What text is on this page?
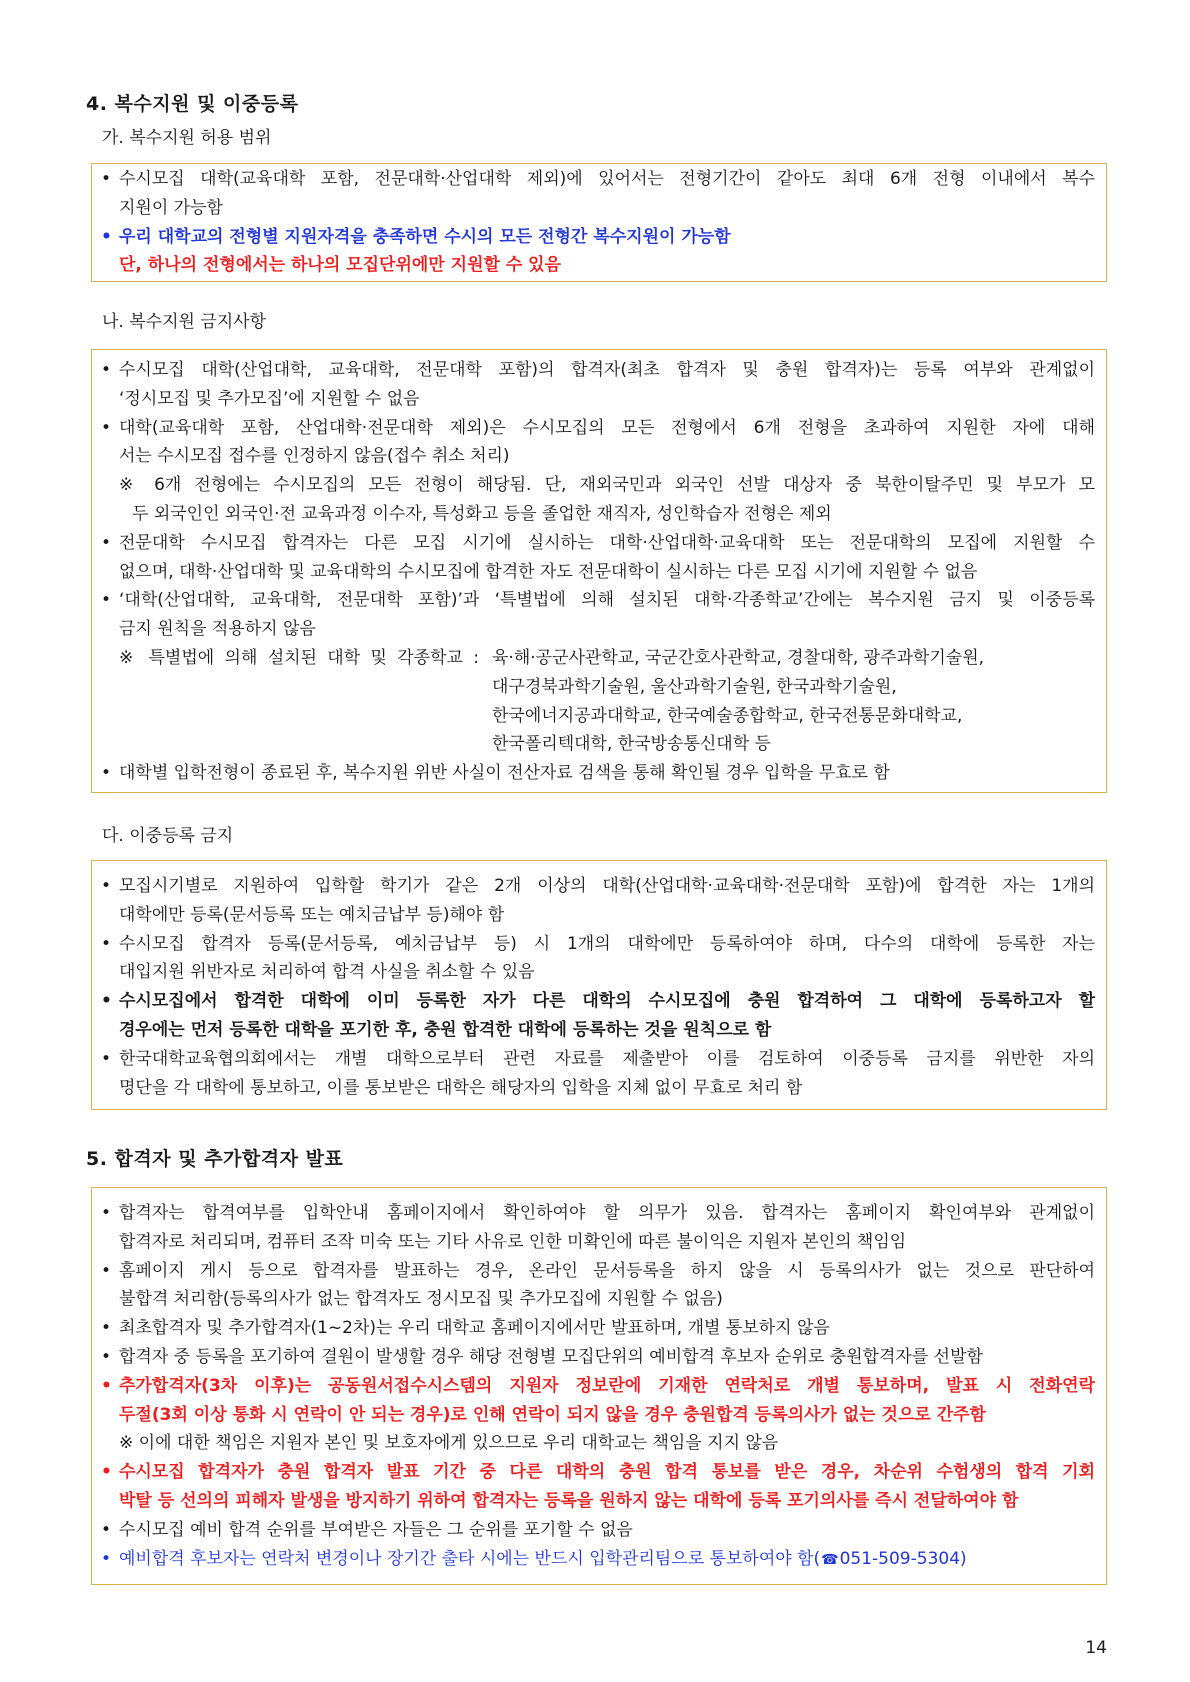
4. 복수지원 및 이중등록
가. 복수지원 허용 범위
• 수시모집 대학(교육대학 포함, 전문대학·산업대학 제외)에 있어서는 전형기간이 같아도 최대 6개 전형 이내에서 복수
지원이 가능함
• 우리 대학교의 전형별 지원자격을 충족하면 수시의 모든 전형간 복수지원이 가능함
단, 하나의 전형에서는 하나의 모집단위에만 지원할 수 있음
나. 복수지원 금지사항
• 수시모집 대학(산업대학, 교육대학, 전문대학 포함)의 합격자(최초 합격자 및 충원 합격자)는 등록 여부와 관계없이
‘정시모집 및 추가모집’에 지원할 수 없음
• 대학(교육대학 포함, 산업대학·전문대학 제외)은 수시모집의 모든 전형에서 6개 전형을 초과하여 지원한 자에 대해
서는 수시모집 접수를 인정하지 않음(접수 취소 처리)
※ 6개 전형에는 수시모집의 모든 전형이 해당됨. 단, 재외국민과 외국인 선발 대상자 중 북한이탈주민 및 부모가 모
두 외국인인 외국인·전 교육과정 이수자, 특성화고 등을 졸업한 재직자, 성인학습자 전형은 제외
• 전문대학 수시모집 합격자는 다른 모집 시기에 실시하는 대학·산업대학·교육대학 또는 전문대학의 모집에 지원할 수
없으며, 대학·산업대학 및 교육대학의 수시모집에 합격한 자도 전문대학이 실시하는 다른 모집 시기에 지원할 수 없음
• ‘대학(산업대학, 교육대학, 전문대학 포함)’과 ‘특별법에 의해 설치된 대학·각종학교’간에는 복수지원 금지 및 이중등록
금지 원칙을 적용하지 않음
※ 특별법에 의해 설치된 대학 및 각종학교 : 육·해·공군사관학교, 국군간호사관학교, 경찰대학, 광주과학기술원,
대구경북과학기술원, 울산과학기술원, 한국과학기술원,
한국에너지공과대학교, 한국예술종합학교, 한국전통문화대학교,
한국폴리텍대학, 한국방송통신대학 등
• 대학별 입학전형이 종료된 후, 복수지원 위반 사실이 전산자료 검색을 통해 확인될 경우 입학을 무효로 함
다. 이중등록 금지
• 모집시기별로 지원하여 입학할 학기가 같은 2개 이상의 대학(산업대학·교육대학·전문대학 포함)에 합격한 자는 1개의
대학에만 등록(문서등록 또는 예치금납부 등)해야 함
• 수시모집 합격자 등록(문서등록, 예치금납부 등) 시 1개의 대학에만 등록하여야 하며, 다수의 대학에 등록한 자는
대입지원 위반자로 처리하여 합격 사실을 취소할 수 있음
• 수시모집에서 합격한 대학에 이미 등록한 자가 다른 대학의 수시모집에 충원 합격하여 그 대학에 등록하고자 할
경우에는 먼저 등록한 대학을 포기한 후, 충원 합격한 대학에 등록하는 것을 원칙으로 함
• 한국대학교육협의회에서는 개별 대학으로부터 관련 자료를 제출받아 이를 검토하여 이중등록 금지를 위반한 자의
명단을 각 대학에 통보하고, 이를 통보받은 대학은 해당자의 입학을 지체 없이 무효로 처리 함
5. 합격자 및 추가합격자 발표
• 합격자는 합격여부를 입학안내 홈페이지에서 확인하여야 할 의무가 있음. 합격자는 홈페이지 확인여부와 관계없이
합격자로 처리되며, 컴퓨터 조작 미숙 또는 기타 사유로 인한 미확인에 따른 불이익은 지원자 본인의 책임임
• 홈페이지 게시 등으로 합격자를 발표하는 경우, 온라인 문서등록을 하지 않을 시 등록의사가 없는 것으로 판단하여
불합격 처리함(등록의사가 없는 합격자도 정시모집 및 추가모집에 지원할 수 없음)
• 최초합격자 및 추가합격자(1~2차)는 우리 대학교 홈페이지에서만 발표하며, 개별 통보하지 않음
• 합격자 중 등록을 포기하여 결원이 발생할 경우 해당 전형별 모집단위의 예비합격 후보자 순위로 충원합격자를 선발함
• 추가합격자(3차 이후)는 공동원서접수시스템의 지원자 정보란에 기재한 연락처로 개별 통보하며, 발표 시 전화연락
두절(3회 이상 통화 시 연락이 안 되는 경우)로 인해 연락이 되지 않을 경우 충원합격 등록의사가 없는 것으로 간주함
※ 이에 대한 책임은 지원자 본인 및 보호자에게 있으므로 우리 대학교는 책임을 지지 않음
• 수시모집 합격자가 충원 합격자 발표 기간 중 다른 대학의 충원 합격 통보를 받은 경우, 차순위 수험생의 합격 기회
박탈 등 선의의 피해자 발생을 방지하기 위하여 합격자는 등록을 원하지 않는 대학에 등록 포기의사를 즉시 전달하여야 함
• 수시모집 예비 합격 순위를 부여받은 자들은 그 순위를 포기할 수 없음
• 예비합격 후보자는 연락처 변경이나 장기간 출타 시에는 반드시 입학관리팀으로 통보하여야 함(☎051-509-5304)
14
